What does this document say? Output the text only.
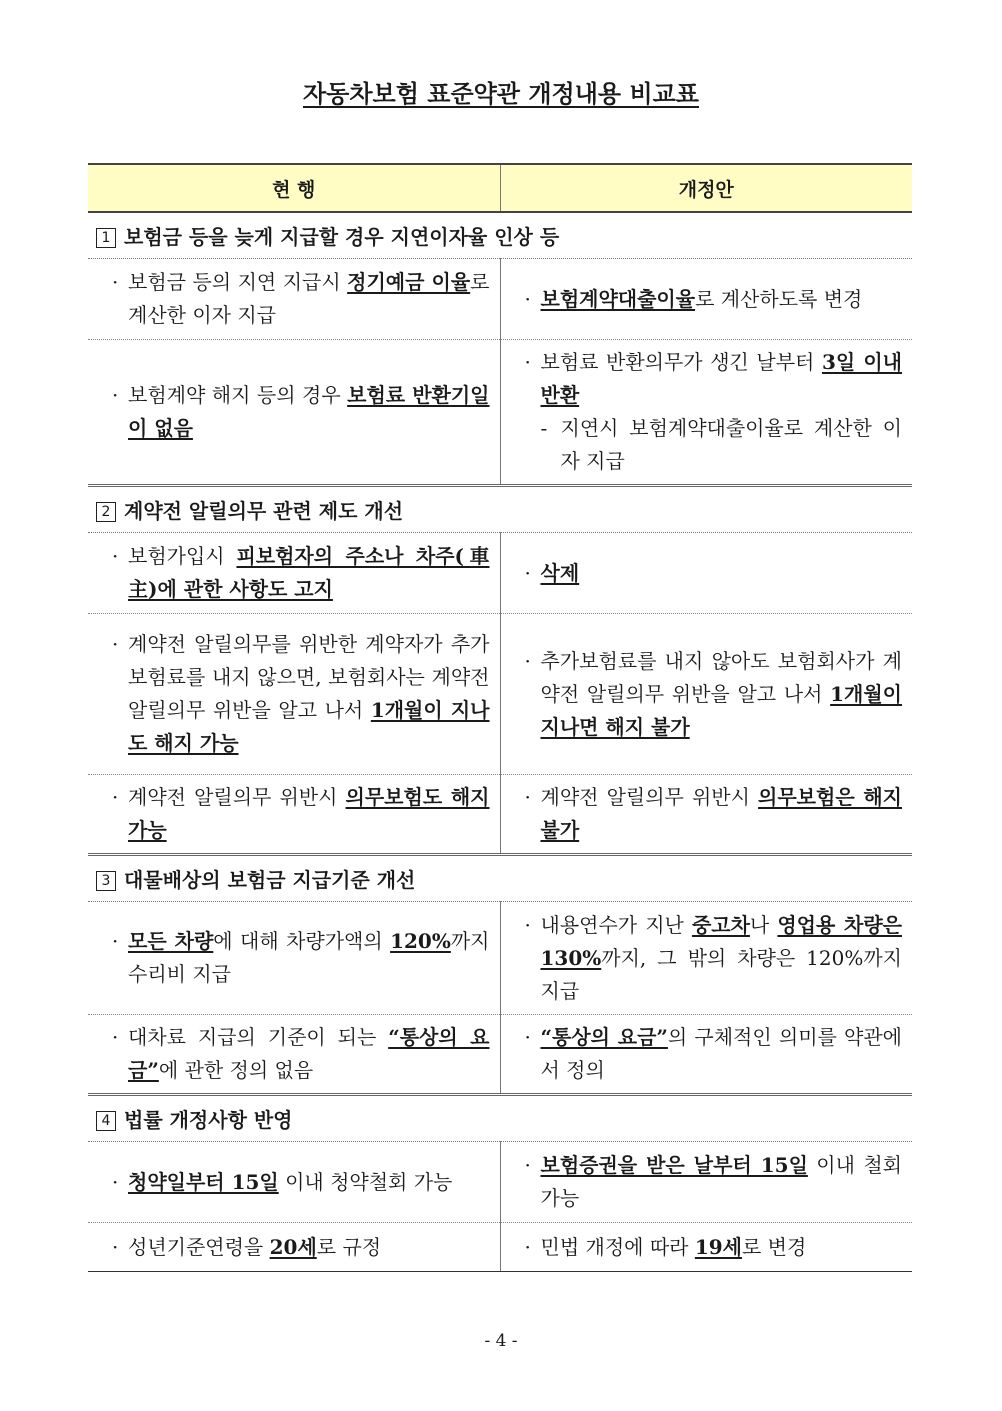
자동차보험 표준약관 개정내용 비교표
현 행	개정안
1 보험금 등을 늦게 지급할 경우 지연이자율 인상 등	

· 보험금 등의 지연 지급시 정기예금 이율로 계산한 이자 지급	· 보험계약대출이율로 계산하도록 변경

· 보험계약 해지 등의 경우 보험료 반환기일이 없음	· 보험료 반환의무가 생긴 날부터 3일 이내 반환
- 지연시 보험계약대출이율로 계산한 이자 지급

2 계약전 알릴의무 관련 제도 개선	

· 보험가입시 피보험자의 주소나 차주(車主)에 관한 사항도 고지	· 삭제

· 계약전 알릴의무를 위반한 계약자가 추가보험료를 내지 않으면, 보험회사는 계약전 알릴의무 위반을 알고 나서 1개월이 지나도 해지 가능	· 추가보험료를 내지 않아도 보험회사가 계약전 알릴의무 위반을 알고 나서 1개월이 지나면 해지 불가

· 계약전 알릴의무 위반시 의무보험도 해지 가능	· 계약전 알릴의무 위반시 의무보험은 해지 불가

3 대물배상의 보험금 지급기준 개선	

· 모든 차량에 대해 차량가액의 120%까지 수리비 지급	· 내용연수가 지난 중고차나 영업용 차량은 130%까지, 그 밖의 차량은 120%까지 지급

· 대차료 지급의 기준이 되는 “통상의 요금”에 관한 정의 없음	· “통상의 요금”의 구체적인 의미를 약관에서 정의

4 법률 개정사항 반영	

· 청약일부터 15일 이내 청약철회 가능	· 보험증권을 받은 날부터 15일 이내 철회 가능

· 성년기준연령을 20세로 규정	· 민법 개정에 따라 19세로 변경
- 4 -
